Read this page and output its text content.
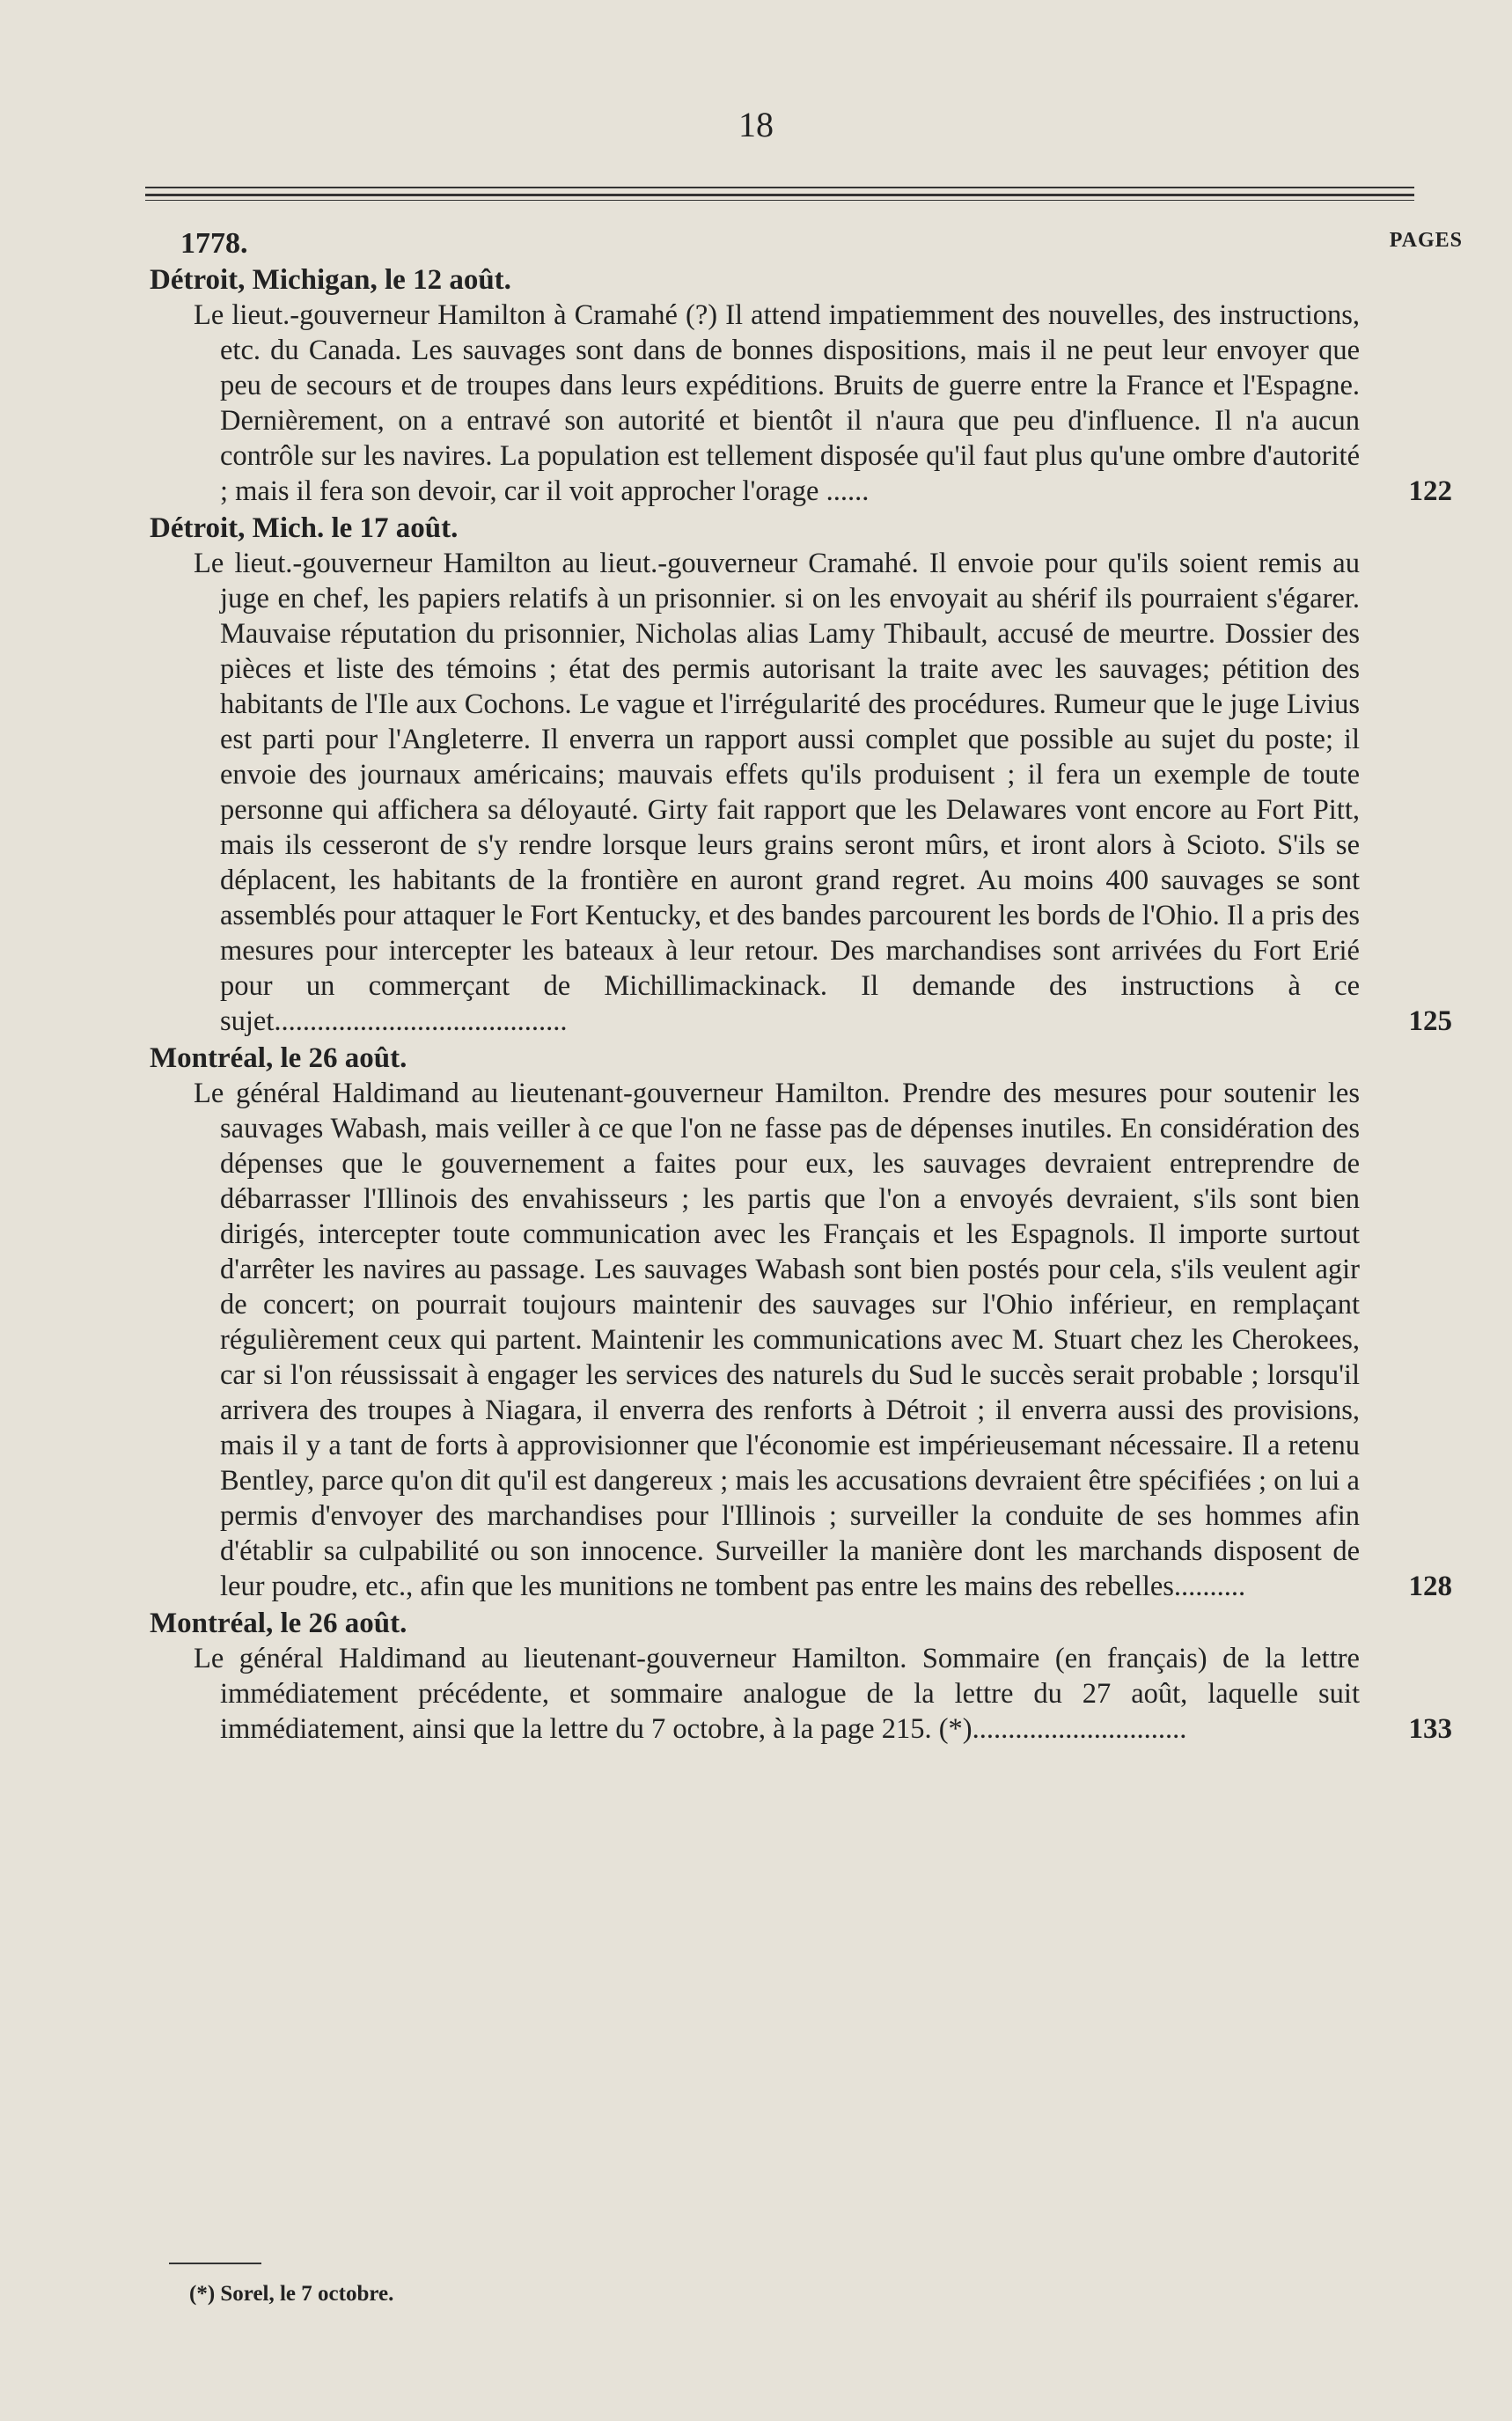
18
1778.	PAGES
Détroit, Michigan, le 12 août.
Le lieut.-gouverneur Hamilton à Cramahé (?) Il attend impatiemment des nouvelles, des instructions, etc. du Canada. Les sauvages sont dans de bonnes dispositions, mais il ne peut leur envoyer que peu de secours et de troupes dans leurs expéditions. Bruits de guerre entre la France et l'Espagne. Dernièrement, on a entravé son autorité et bientôt il n'aura que peu d'influence. Il n'a aucun contrôle sur les navires. La population est tellement disposée qu'il faut plus qu'une ombre d'autorité ; mais il fera son devoir, car il voit approcher l'orage ......	122
Détroit, Mich. le 17 août.
Le lieut.-gouverneur Hamilton au lieut.-gouverneur Cramahé. Il envoie pour qu'ils soient remis au juge en chef, les papiers relatifs à un prisonnier. si on les envoyait au shérif ils pourraient s'égarer. Mauvaise réputation du prisonnier, Nicholas alias Lamy Thibault, accusé de meurtre. Dossier des pièces et liste des témoins ; état des permis autorisant la traite avec les sauvages; pétition des habitants de l'Ile aux Cochons. Le vague et l'irrégularité des procédures. Rumeur que le juge Livius est parti pour l'Angleterre. Il enverra un rapport aussi complet que possible au sujet du poste; il envoie des journaux américains; mauvais effets qu'ils produisent ; il fera un exemple de toute personne qui affichera sa déloyauté. Girty fait rapport que les Delawares vont encore au Fort Pitt, mais ils cesseront de s'y rendre lorsque leurs grains seront mûrs, et iront alors à Scioto. S'ils se déplacent, les habitants de la frontière en auront grand regret. Au moins 400 sauvages se sont assemblés pour attaquer le Fort Kentucky, et des bandes parcourent les bords de l'Ohio. Il a pris des mesures pour intercepter les bateaux à leur retour. Des marchandises sont arrivées du Fort Erié pour un commerçant de Michillimackinack. Il demande des instructions à ce sujet.........................................	125
Montréal, le 26 août.
Le général Haldimand au lieutenant-gouverneur Hamilton. Prendre des mesures pour soutenir les sauvages Wabash, mais veiller à ce que l'on ne fasse pas de dépenses inutiles. En considération des dépenses que le gouvernement a faites pour eux, les sauvages devraient entreprendre de débarrasser l'Illinois des envahisseurs ; les partis que l'on a envoyés devraient, s'ils sont bien dirigés, intercepter toute communication avec les Français et les Espagnols. Il importe surtout d'arrêter les navires au passage. Les sauvages Wabash sont bien postés pour cela, s'ils veulent agir de concert; on pourrait toujours maintenir des sauvages sur l'Ohio inférieur, en remplaçant régulièrement ceux qui partent. Maintenir les communications avec M. Stuart chez les Cherokees, car si l'on réussissait à engager les services des naturels du Sud le succès serait probable ; lorsqu'il arrivera des troupes à Niagara, il enverra des renforts à Détroit ; il enverra aussi des provisions, mais il y a tant de forts à approvisionner que l'économie est impérieusemant nécessaire. Il a retenu Bentley, parce qu'on dit qu'il est dangereux ; mais les accusations devraient être spécifiées ; on lui a permis d'envoyer des marchandises pour l'Illinois ; surveiller la conduite de ses hommes afin d'établir sa culpabilité ou son innocence. Surveiller la manière dont les marchands disposent de leur poudre, etc., afin que les munitions ne tombent pas entre les mains des rebelles..........	128
Montréal, le 26 août.
Le général Haldimand au lieutenant-gouverneur Hamilton. Sommaire (en français) de la lettre immédiatement précédente, et sommaire analogue de la lettre du 27 août, laquelle suit immédiatement, ainsi que la lettre du 7 octobre, à la page 215. (*)..............................	133
(*) Sorel, le 7 octobre.
